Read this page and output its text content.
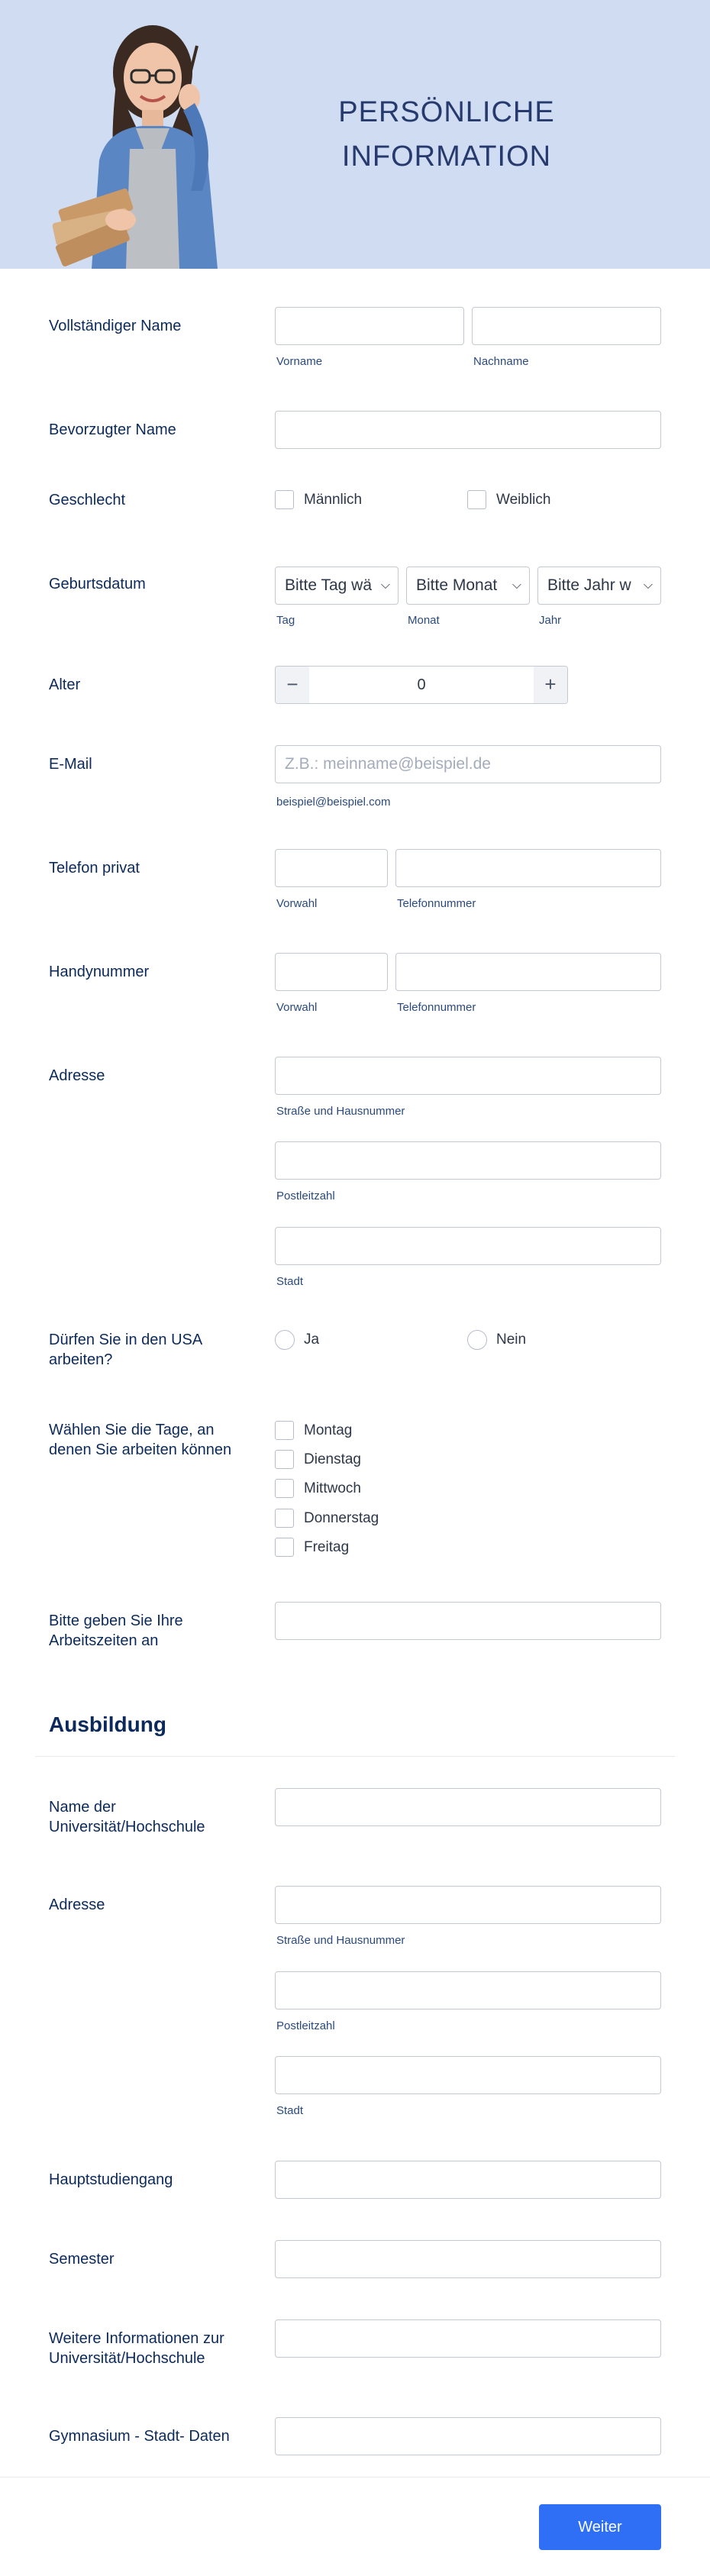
PERSÖNLICHE
INFORMATION
Vollständiger Name
Vorname	Nachname
Bevorzugter Name
Geschlecht	Männlich	Weiblich
Geburtsdatum	Bitte Tag wä ⌵	Bitte Monat ⌵	Bitte Jahr w ⌵
Tag	Monat	Jahr
Alter	−	0	+
E-Mail
Z.B.: meinname@beispiel.de
beispiel@beispiel.com
Telefon privat
Vorwahl	Telefonnummer
Handynummer
Vorwahl	Telefonnummer
Adresse
Straße und Hausnummer
Postleitzahl
Stadt
Dürfen Sie in den USA arbeiten?
Ja	Nein
Wählen Sie die Tage, an denen Sie arbeiten können
Montag
Dienstag
Mittwoch
Donnerstag
Freitag
Bitte geben Sie Ihre Arbeitszeiten an
Ausbildung
Name der Universität/Hochschule
Adresse
Straße und Hausnummer
Postleitzahl
Stadt
Hauptstudiengang
Semester
Weitere Informationen zur Universität/Hochschule
Gymnasium - Stadt- Daten
Weiter
